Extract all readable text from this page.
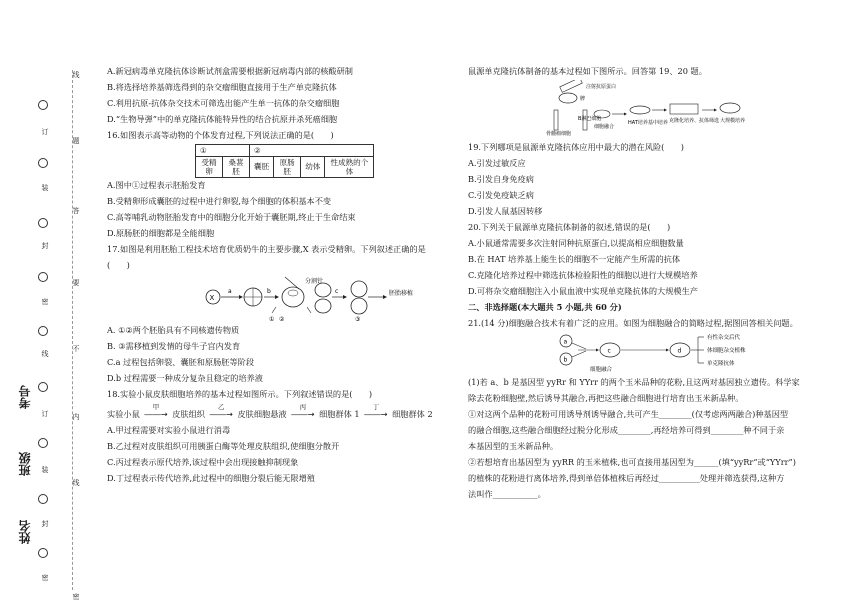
线
订
题
装
答
封
要
密
不
线
内
订
线
装
封
密
密
考号
班级
姓名
A.新冠病毒单克隆抗体诊断试剂盒需要根据新冠病毒内部的核酸研制
B.将选择培养基筛选得到的杂交瘤细胞直接用于生产单克隆抗体
C.利用抗原-抗体杂交技术可筛选出能产生单一抗体的杂交瘤细胞
D.“生物导弹”中的单克隆抗体能特异性的结合抗原并杀死癌细胞
16.如图表示高等动物的个体发育过程,下列说法正确的是(　　)
①		②			
受精卵	桑葚胚	囊胚	原肠胚	幼体	性成熟的个体
A.图中①过程表示胚胎发育
B.受精卵形成囊胚的过程中进行卵裂,每个细胞的体积基本不变
C.高等哺乳动物胚胎发育中的细胞分化开始于囊胚期,终止于生命结束
D.原肠胚的细胞都是全能细胞
17.如图是利用胚胎工程技术培育优质奶牛的主要步骤,X 表示受精卵。下列叙述正确的是
(　　)
X
a	b
分割针
① ②
c
③
胚胎移植
A. ①②两个胚胎具有不同核遗传物质
B. ③需移植到发情的母牛子宫内发育
C.a 过程包括卵裂、囊胚和原肠胚等阶段
D.b 过程需要一种成分复杂且稳定的培养液
18.实验小鼠皮肤细胞培养的基本过程如图所示。下列叙述错误的是(　　)
实验小鼠
甲
――→ 皮肤组织
乙
――→ 皮肤细胞悬液
丙
――→ 细胞群体 1
丁
――→ 细胞群体 2
A.甲过程需要对实验小鼠进行消毒
B.乙过程对皮肤组织可用胰蛋白酶等处理皮肤组织,使细胞分散开
C.丙过程表示原代培养,该过程中会出现接触抑制现象
D.丁过程表示传代培养,此过程中的细胞分裂后能无限增殖
鼠源单克隆抗体制备的基本过程如下图所示。回答第 19、20 题。
注射抗原蛋白
脾
骨髓瘤细胞
B淋巴细胞
细胞融合
HAT培养基中培养 克隆化培养、抗体筛选 大规模培养
19.下列哪项是鼠源单克隆抗体应用中最大的潜在风险(　　)
A.引发过敏反应
B.引发自身免疫病
C.引发免疫缺乏病
D.引发人鼠基因转移
20.下列关于鼠源单克隆抗体制备的叙述,错误的是(　　)
A.小鼠通常需要多次注射同种抗原蛋白,以提高相应细胞数量
B.在 HAT 培养基上能生长的细胞不一定能产生所需的抗体
C.克隆化培养过程中筛选抗体检验阳性的细胞以进行大规模培养
D.可将杂交瘤细胞注入小鼠血液中实现单克隆抗体的大规模生产
二、非选择题(本大题共 5 小题,共 60 分)
21.(14 分)细胞融合技术有着广泛的应用。如图为细胞融合的简略过程,据图回答相关问题。
a
b
c
细胞融合
d
有性杂交后代
体细胞杂交植株
单克隆抗体
(1)若 a、b 是基因型 yyRr 和 YYrr 的两个玉米品种的花粉,且这两对基因独立遗传。科学家
除去花粉细胞壁,然后诱导其融合,再把这些融合细胞进行培育出玉米新品种。
①对这两个品种的花粉可用诱导剂诱导融合,共可产生________(仅考虑两两融合)种基因型
的融合细胞,这些融合细胞经过脱分化形成________,再经培养可得到________种不同于亲
本基因型的玉米新品种。
②若想培育出基因型为 yyRR 的玉米植株,也可直接用基因型为______(填“yyRr”或“YYrr”)
的植株的花粉进行离体培养,得到单倍体植株后再经过__________处理并筛选获得,这种方
法叫作___________。
